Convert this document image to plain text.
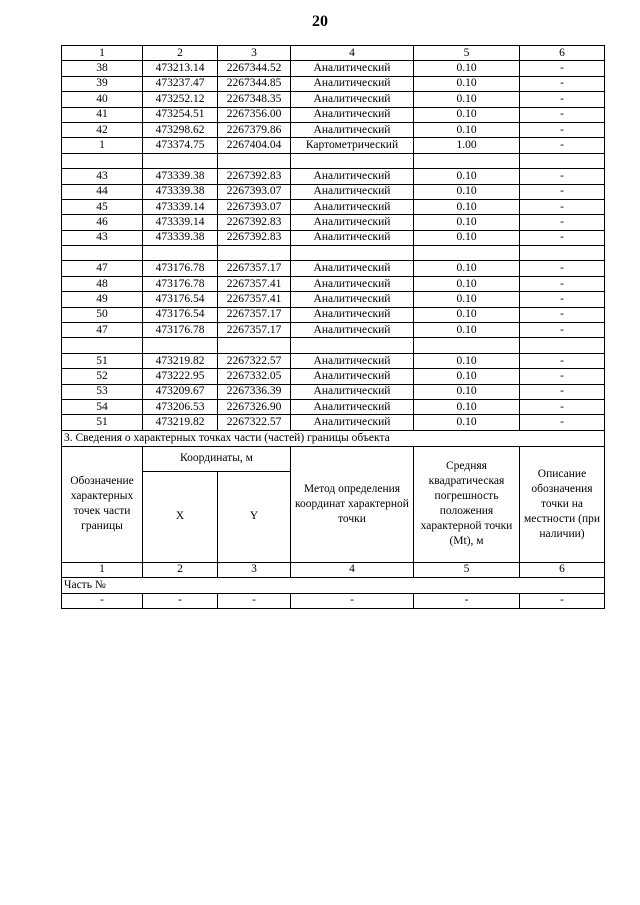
20
1	2	3	4	5	6
38	473213.14	2267344.52	Аналитический	0.10	-
39	473237.47	2267344.85	Аналитический	0.10	-
40	473252.12	2267348.35	Аналитический	0.10	-
41	473254.51	2267356.00	Аналитический	0.10	-
42	473298.62	2267379.86	Аналитический	0.10	-
1	473374.75	2267404.04	Картометрический	1.00	-

43	473339.38	2267392.83	Аналитический	0.10	-
44	473339.38	2267393.07	Аналитический	0.10	-
45	473339.14	2267393.07	Аналитический	0.10	-
46	473339.14	2267392.83	Аналитический	0.10	-
43	473339.38	2267392.83	Аналитический	0.10	-

47	473176.78	2267357.17	Аналитический	0.10	-
48	473176.78	2267357.41	Аналитический	0.10	-
49	473176.54	2267357.41	Аналитический	0.10	-
50	473176.54	2267357.17	Аналитический	0.10	-
47	473176.78	2267357.17	Аналитический	0.10	-

51	473219.82	2267322.57	Аналитический	0.10	-
52	473222.95	2267332.05	Аналитический	0.10	-
53	473209.67	2267336.39	Аналитический	0.10	-
54	473206.53	2267326.90	Аналитический	0.10	-
51	473219.82	2267322.57	Аналитический	0.10	-
3. Сведения о характерных точках части (частей) границы объекта					
Обозначение характерных точек части границы	Координаты, м		Метод определения координат характерной точки	Средняя квадратическая погрешность положения характерной точки (Mt), м	Описание обозначения точки на местности (при наличии)
	X	Y			
1	2	3	4	5	6
Часть №					
-	-	-	-	-	-
